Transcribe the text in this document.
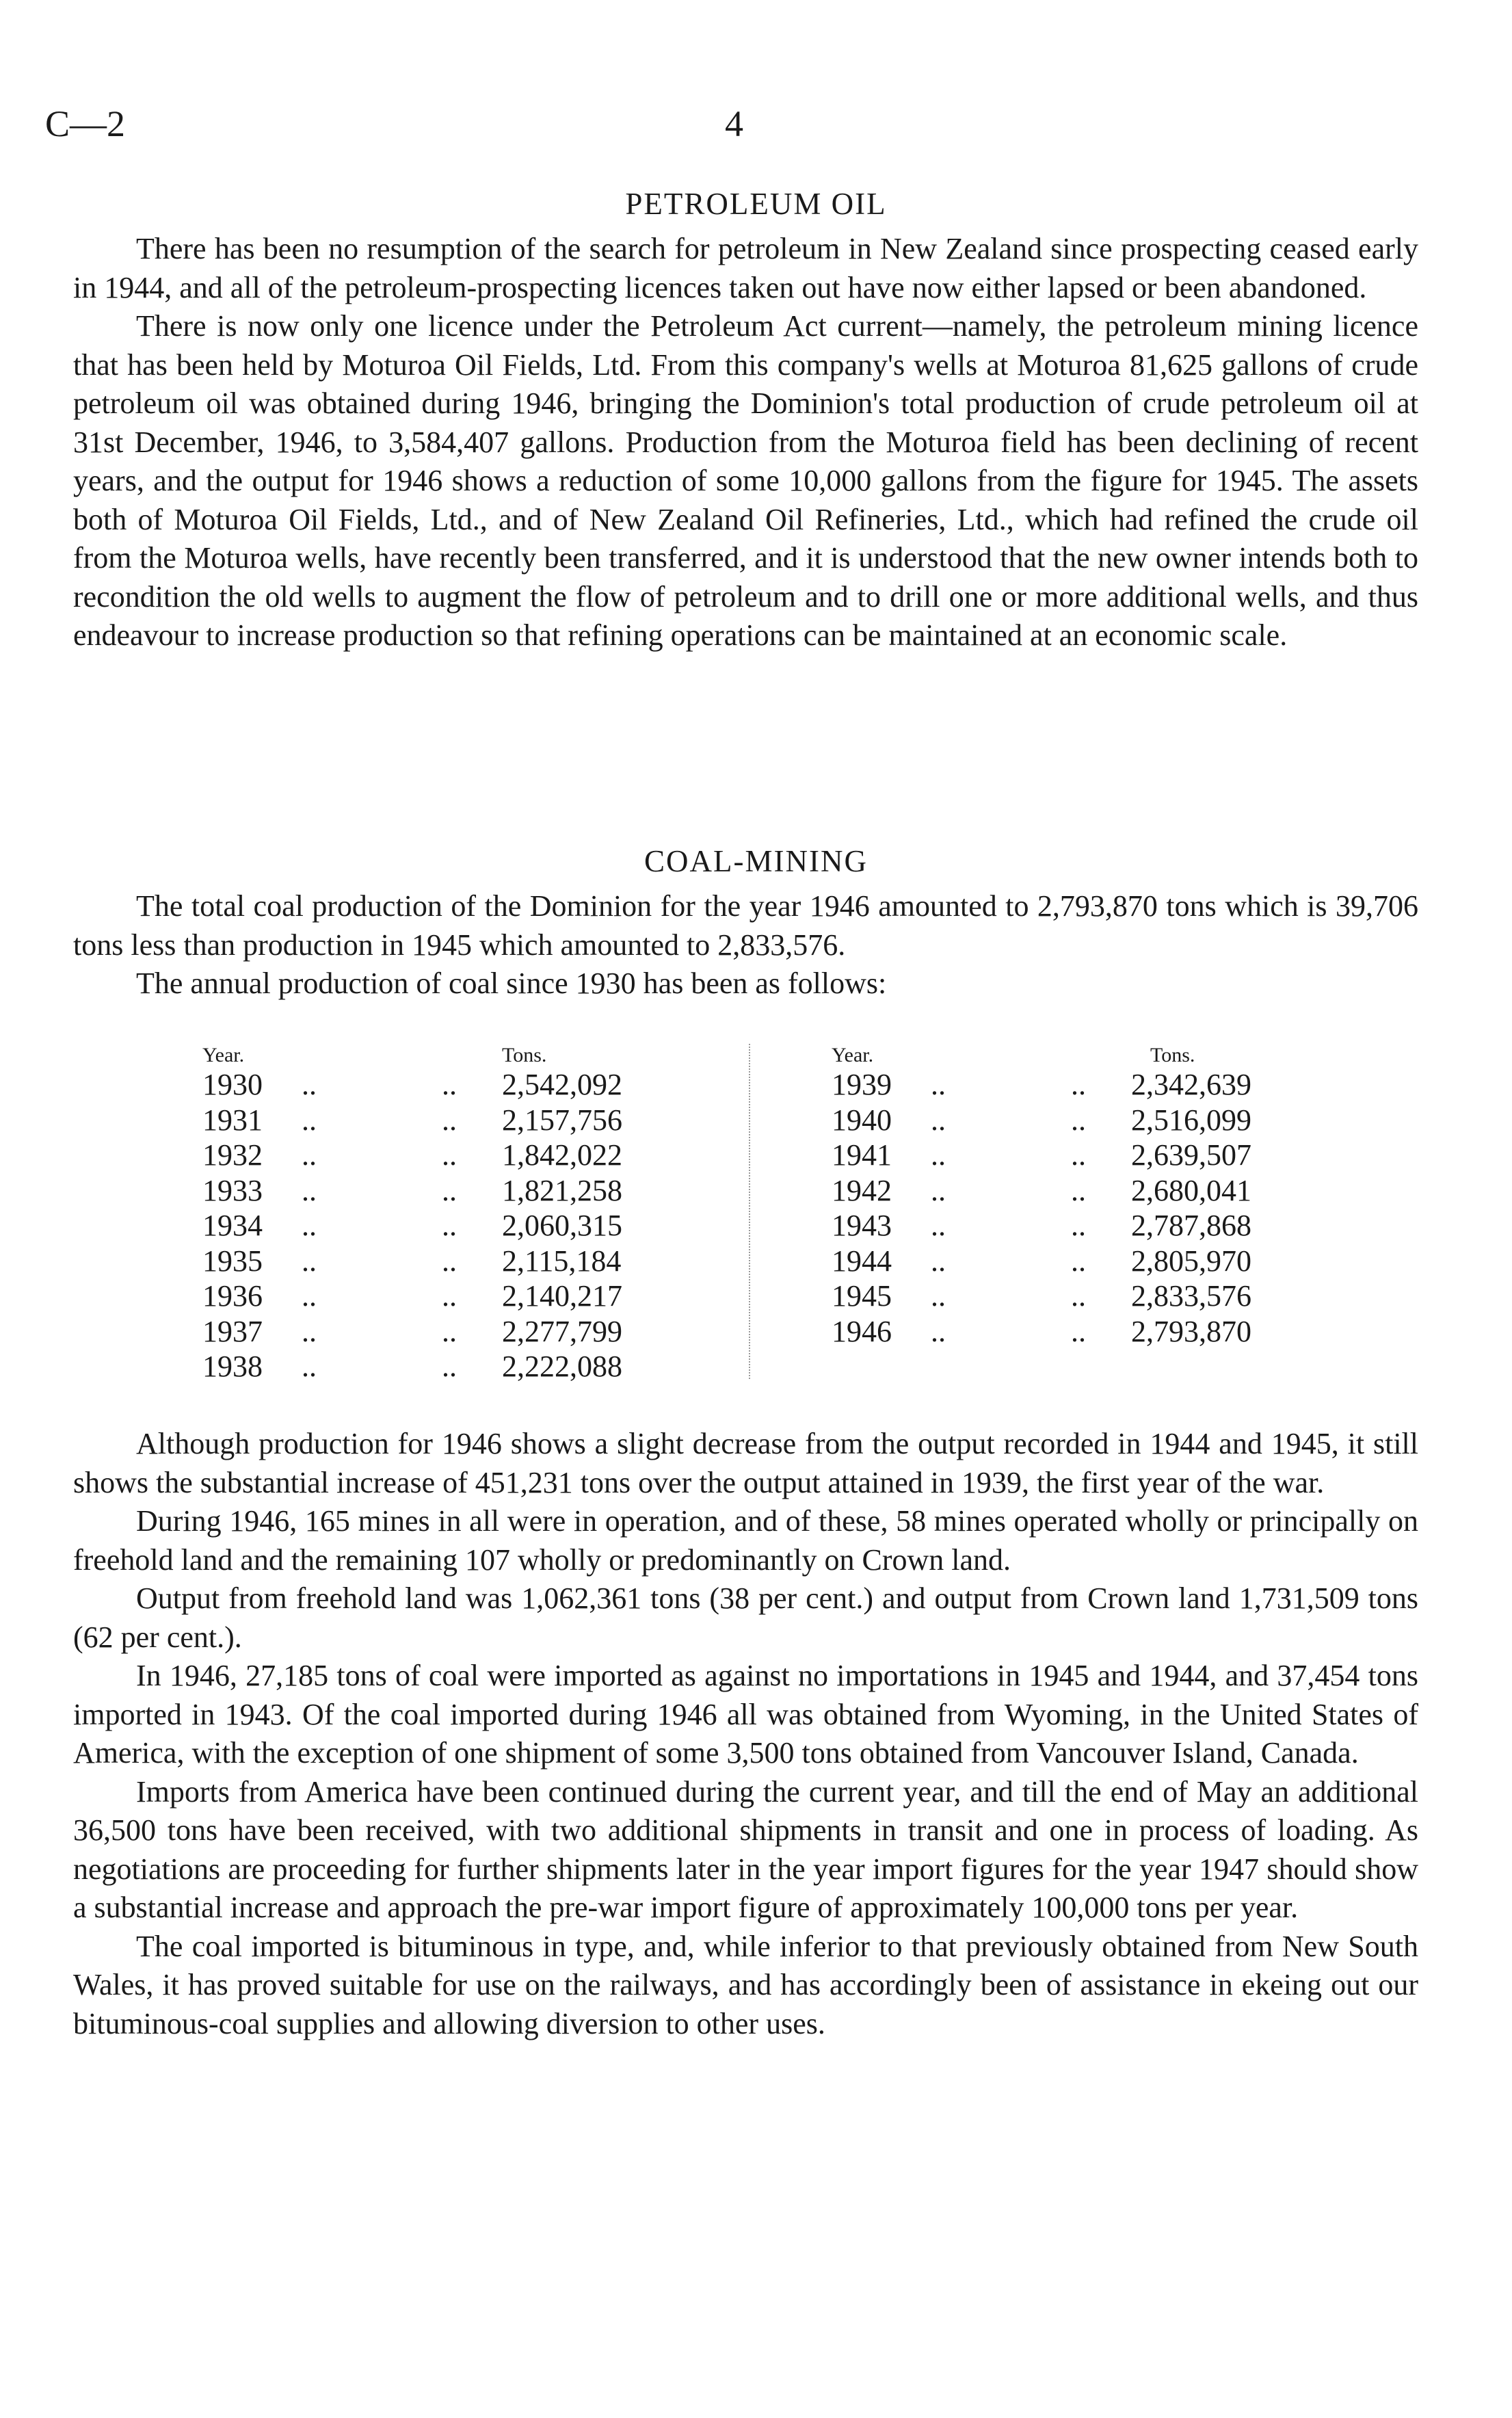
C—2	4
PETROLEUM OIL

There has been no resumption of the search for petroleum in New Zealand since prospecting ceased early in 1944, and all of the petroleum-prospecting licences taken out have now either lapsed or been abandoned.

There is now only one licence under the Petroleum Act current—namely, the petroleum mining licence that has been held by Moturoa Oil Fields, Ltd. From this company's wells at Moturoa 81,625 gallons of crude petroleum oil was obtained during 1946, bringing the Dominion's total production of crude petroleum oil at 31st December, 1946, to 3,584,407 gallons. Production from the Moturoa field has been declining of recent years, and the output for 1946 shows a reduction of some 10,000 gallons from the figure for 1945. The assets both of Moturoa Oil Fields, Ltd., and of New Zealand Oil Refineries, Ltd., which had refined the crude oil from the Moturoa wells, have recently been transferred, and it is understood that the new owner intends both to recondition the old wells to augment the flow of petroleum and to drill one or more additional wells, and thus endeavour to increase production so that refining operations can be maintained at an economic scale.

COAL-MINING

The total coal production of the Dominion for the year 1946 amounted to 2,793,870 tons which is 39,706 tons less than production in 1945 which amounted to 2,833,576.

The annual production of coal since 1930 has been as follows:

Year.	Tons.
1930	..	..	2,542,092
1931	..	..	2,157,756
1932	..	..	1,842,022
1933	..	..	1,821,258
1934	..	..	2,060,315
1935	..	..	2,115,184
1936	..	..	2,140,217
1937	..	..	2,277,799
1938	..	..	2,222,088
Year.	Tons.
1939	..	..	2,342,639
1940	..	..	2,516,099
1941	..	..	2,639,507
1942	..	..	2,680,041
1943	..	..	2,787,868
1944	..	..	2,805,970
1945	..	..	2,833,576
1946	..	..	2,793,870

Although production for 1946 shows a slight decrease from the output recorded in 1944 and 1945, it still shows the substantial increase of 451,231 tons over the output attained in 1939, the first year of the war.

During 1946, 165 mines in all were in operation, and of these, 58 mines operated wholly or principally on freehold land and the remaining 107 wholly or predominantly on Crown land.

Output from freehold land was 1,062,361 tons (38 per cent.) and output from Crown land 1,731,509 tons (62 per cent.).

In 1946, 27,185 tons of coal were imported as against no importations in 1945 and 1944, and 37,454 tons imported in 1943. Of the coal imported during 1946 all was obtained from Wyoming, in the United States of America, with the exception of one shipment of some 3,500 tons obtained from Vancouver Island, Canada.

Imports from America have been continued during the current year, and till the end of May an additional 36,500 tons have been received, with two additional shipments in transit and one in process of loading. As negotiations are proceeding for further shipments later in the year import figures for the year 1947 should show a substantial increase and approach the pre-war import figure of approximately 100,000 tons per year.

The coal imported is bituminous in type, and, while inferior to that previously obtained from New South Wales, it has proved suitable for use on the railways, and has accordingly been of assistance in ekeing out our bituminous-coal supplies and allowing diversion to other uses.
